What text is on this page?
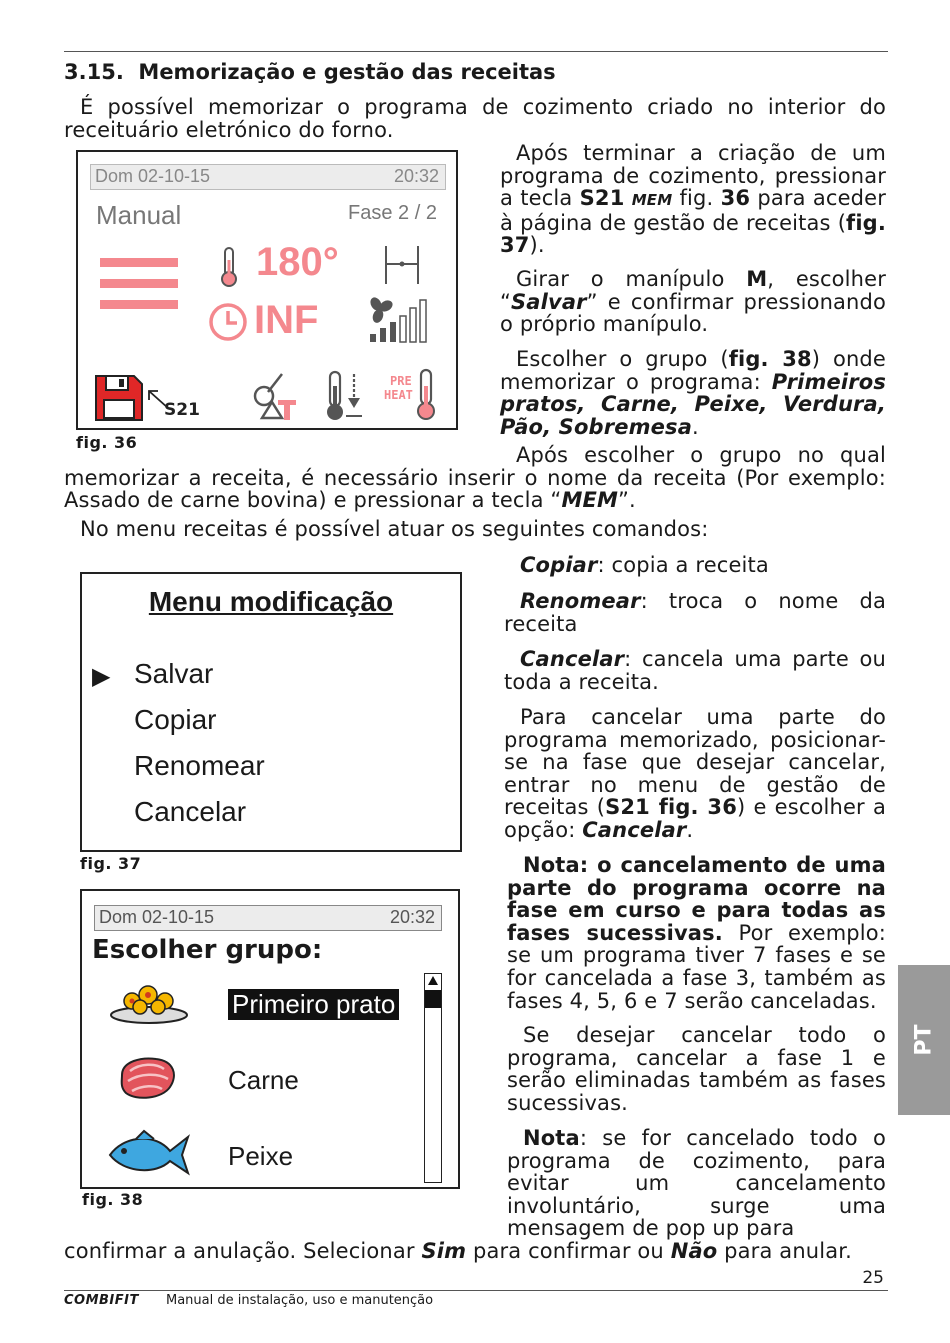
3.15. Memorização e gestão das receitas
É possível memorizar o programa de cozimento criado no interior do receituário eletrónico do forno.
Dom 02-10-15	20:32
Manual	Fase 2 / 2
180°
INF
S21
PRE
HEAT
fig. 36
Após terminar a criação de um programa de cozimento, pressionar a tecla S21 MEM fig. 36 para aceder à página de gestão de receitas (fig. 37).
Girar o manípulo M, escolher “Salvar” e confirmar pressionando o próprio manípulo.
Escolher o grupo (fig. 38) onde memorizar o programa: Primeiros pratos, Carne, Peixe, Verdura, Pão, Sobremesa.
Após escolher o grupo no qual memorizar a receita, é necessário inserir o nome da receita (Por exemplo: Assado de carne bovina) e pressionar a tecla “MEM”.
No menu receitas é possível atuar os seguintes comandos:
Menu modificação
▶ Salvar
Copiar
Renomear
Cancelar
fig. 37
Copiar: copia a receita
Renomear: troca o nome da receita
Cancelar: cancela uma parte ou toda a receita.
Para cancelar uma parte do programa memorizado, posicionar-se na fase que desejar cancelar, entrar no menu de gestão de receitas (S21 fig. 36) e escolher a opção: Cancelar.
Nota: o cancelamento de uma parte do programa ocorre na fase em curso e para todas as fases sucessivas. Por exemplo: se um programa tiver 7 fases e se for cancelada a fase 3, também as fases 4, 5, 6 e 7 serão canceladas.
Se desejar cancelar todo o programa, cancelar a fase 1 e serão eliminadas também as fases sucessivas.
Dom 02-10-15	20:32
Escolher grupo:
Primeiro prato
Carne
Peixe
fig. 38
Nota: se for cancelado todo o programa de cozimento, para evitar um cancelamento involuntário, surge uma mensagem de pop up para
confirmar a anulação. Selecionar Sim para confirmar ou Não para anular.
PT
25
COMBIFIT Manual de instalação, uso e manutenção
